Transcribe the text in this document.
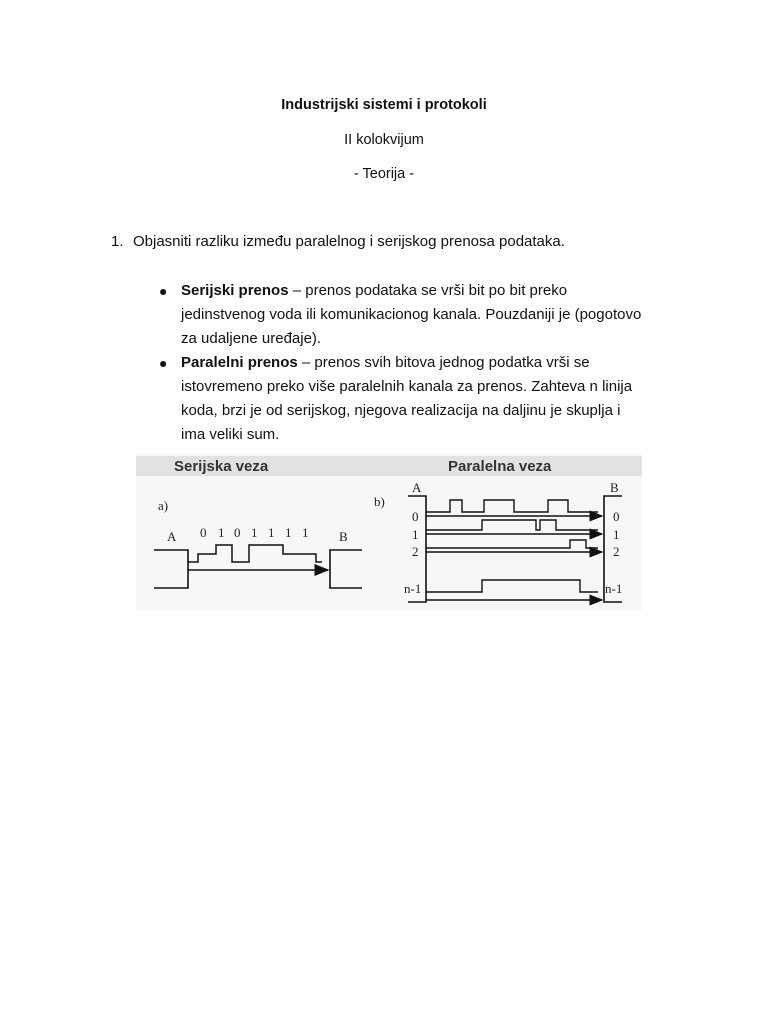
Industrijski sistemi i protokoli
II kolokvijum
- Teorija -
1. Objasniti razliku između paralelnog i serijskog prenosa podataka.

● Serijski prenos – prenos podataka se vrši bit po bit preko
jedinstvenog voda ili komunikacionog kanala. Pouzdaniji je (pogotovo
za udaljene uređaje).

● Paralelni prenos – prenos svih bitova jednog podatka vrši se
istovremeno preko više paralelnih kanala za prenos. Zahteva n linija
koda, brzi je od serijskog, njegova realizacija na daljinu je skuplja i
ima veliki sum.

Serijska veza
a)
A	B
0 1 0 1 1 1 1
Paralelna veza
b)
A	B
0
1
2
n-1
0
1
2
n-1
